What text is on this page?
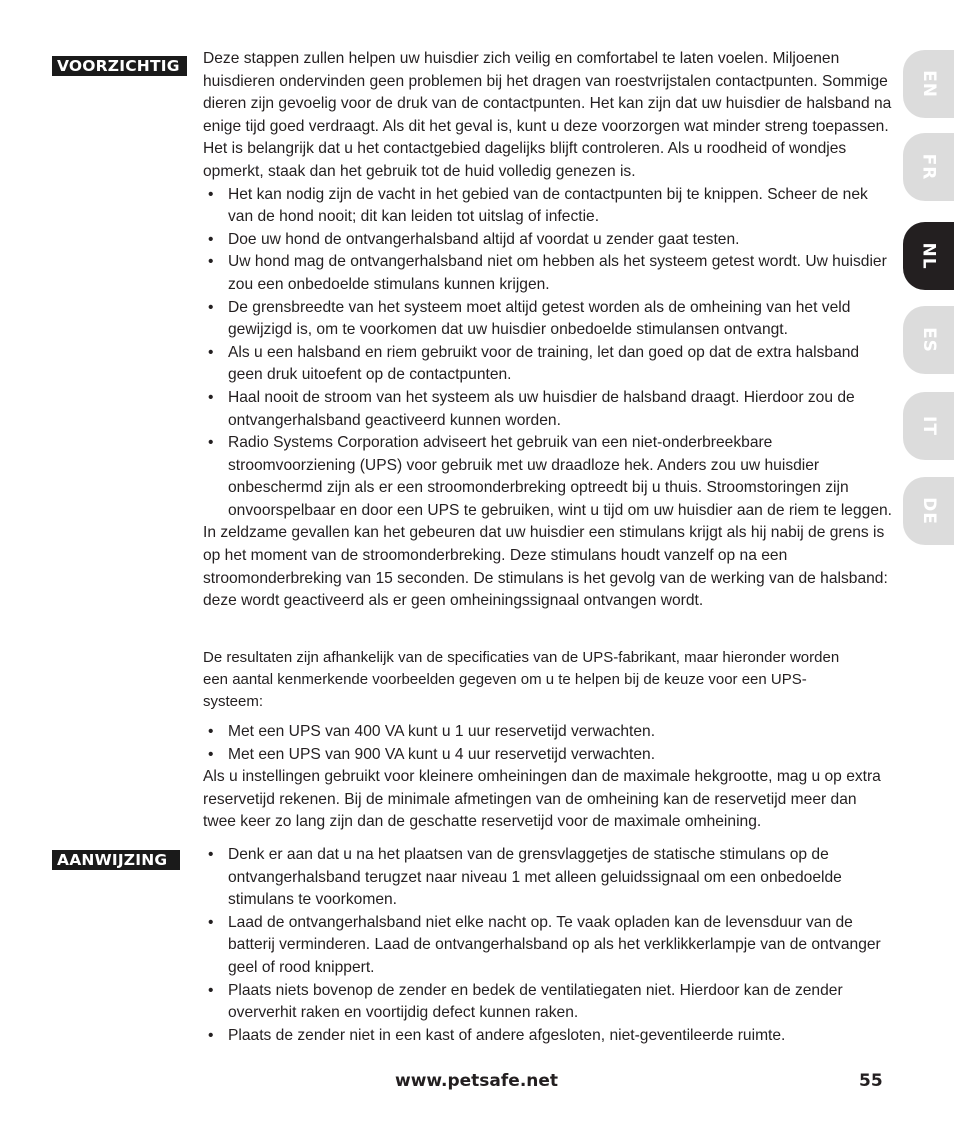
VOORZICHTIG	Deze stappen zullen helpen uw huisdier zich veilig en comfortabel te laten voelen. Miljoenen huisdieren ondervinden geen problemen bij het dragen van roestvrijstalen contactpunten. Sommige dieren zijn gevoelig voor de druk van de contactpunten. Het kan zijn dat uw huisdier de halsband na enige tijd goed verdraagt. Als dit het geval is, kunt u deze voorzorgen wat minder streng toepassen. Het is belangrijk dat u het contactgebied dagelijks blijft controleren. Als u roodheid of wondjes opmerkt, staak dan het gebruik tot de huid volledig genezen is.

• Het kan nodig zijn de vacht in het gebied van de contactpunten bij te knippen. Scheer de nek van de hond nooit; dit kan leiden tot uitslag of infectie.
• Doe uw hond de ontvangerhalsband altijd af voordat u zender gaat testen.
• Uw hond mag de ontvangerhalsband niet om hebben als het systeem getest wordt. Uw huisdier zou een onbedoelde stimulans kunnen krijgen.
• De grensbreedte van het systeem moet altijd getest worden als de omheining van het veld gewijzigd is, om te voorkomen dat uw huisdier onbedoelde stimulansen ontvangt.
• Als u een halsband en riem gebruikt voor de training, let dan goed op dat de extra halsband geen druk uitoefent op de contactpunten.
• Haal nooit de stroom van het systeem als uw huisdier de halsband draagt. Hierdoor zou de ontvangerhalsband geactiveerd kunnen worden.
• Radio Systems Corporation adviseert het gebruik van een niet-onderbreekbare stroomvoorziening (UPS) voor gebruik met uw draadloze hek. Anders zou uw huisdier onbeschermd zijn als er een stroomonderbreking optreedt bij u thuis. Stroomstoringen zijn onvoorspelbaar en door een UPS te gebruiken, wint u tijd om uw huisdier aan de riem te leggen.

In zeldzame gevallen kan het gebeuren dat uw huisdier een stimulans krijgt als hij nabij de grens is op het moment van de stroomonderbreking. Deze stimulans houdt vanzelf op na een stroomonderbreking van 15 seconden. De stimulans is het gevolg van de werking van de halsband: deze wordt geactiveerd als er geen omheiningssignaal ontvangen wordt.

De resultaten zijn afhankelijk van de specificaties van de UPS-fabrikant, maar hieronder worden een aantal kenmerkende voorbeelden gegeven om u te helpen bij de keuze voor een UPS-systeem:

• Met een UPS van 400 VA kunt u 1 uur reservetijd verwachten.
• Met een UPS van 900 VA kunt u 4 uur reservetijd verwachten.

Als u instellingen gebruikt voor kleinere omheiningen dan de maximale hekgrootte, mag u op extra reservetijd rekenen. Bij de minimale afmetingen van de omheining kan de reservetijd meer dan twee keer zo lang zijn dan de geschatte reservetijd voor de maximale omheining.

AANWIJZING
•	Denk er aan dat u na het plaatsen van de grensvlaggetjes de statische stimulans op de ontvangerhalsband terugzet naar niveau 1 met alleen geluidssignaal om een onbedoelde stimulans te voorkomen.
• Laad de ontvangerhalsband niet elke nacht op. Te vaak opladen kan de levensduur van de batterij verminderen. Laad de ontvangerhalsband op als het verklikkerlampje van de ontvanger geel of rood knippert.
• Plaats niets bovenop de zender en bedek de ventilatiegaten niet. Hierdoor kan de zender oververhit raken en voortijdig defect kunnen raken.
• Plaats de zender niet in een kast of andere afgesloten, niet-geventileerde ruimte.
EN
FR
NL
ES
IT
DE
www.petsafe.net	55
